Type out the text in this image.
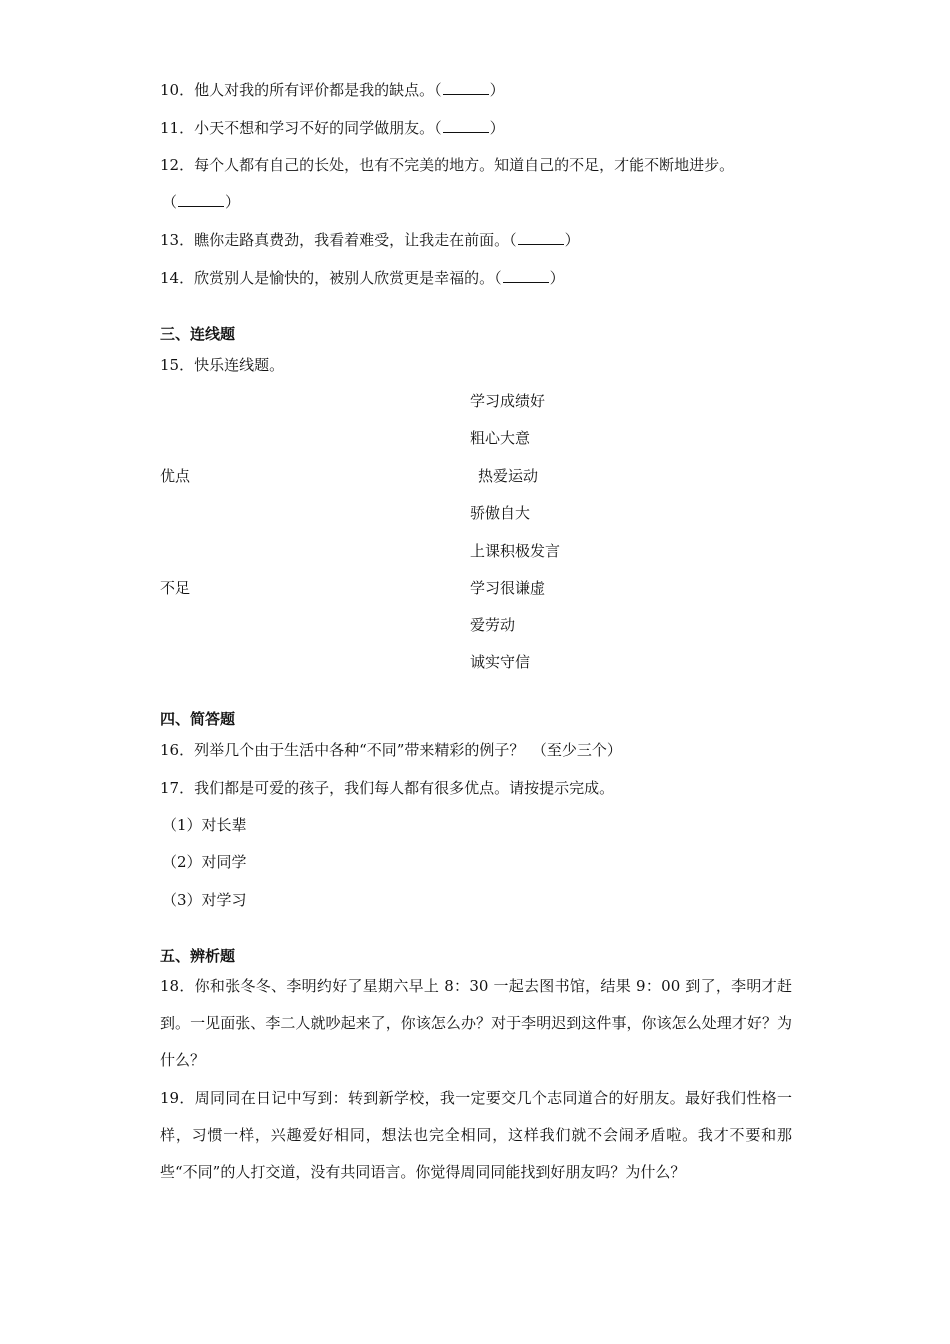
10．他人对我的所有评价都是我的缺点。（	）
11．小天不想和学习不好的同学做朋友。（	）
12．每个人都有自己的长处，也有不完美的地方。知道自己的不足，才能不断地进步。
（	）
13．瞧你走路真费劲，我看着难受，让我走在前面。（	）
14．欣赏别人是愉快的，被别人欣赏更是幸福的。（	）
三、连线题
15．快乐连线题。
优点
不足
学习成绩好
粗心大意
热爱运动
骄傲自大
上课积极发言
学习很谦虚
爱劳动
诚实守信
四、简答题
16．列举几个由于生活中各种“不同”带来精彩的例子？　（至少三个）
17．我们都是可爱的孩子，我们每人都有很多优点。请按提示完成。
（1）对长辈
（2）对同学
（3）对学习
五、辨析题
18．你和张冬冬、李明约好了星期六早上 8：30 一起去图书馆，结果 9：00 到了，李明才赶到。一见面张、李二人就吵起来了，你该怎么办？对于李明迟到这件事，你该怎么处理才好？为什么？
19．周同同在日记中写到：转到新学校，我一定要交几个志同道合的好朋友。最好我们性格一样，习惯一样，兴趣爱好相同，想法也完全相同，这样我们就不会闹矛盾啦。我才不要和那些“不同”的人打交道，没有共同语言。你觉得周同同能找到好朋友吗？为什么？
